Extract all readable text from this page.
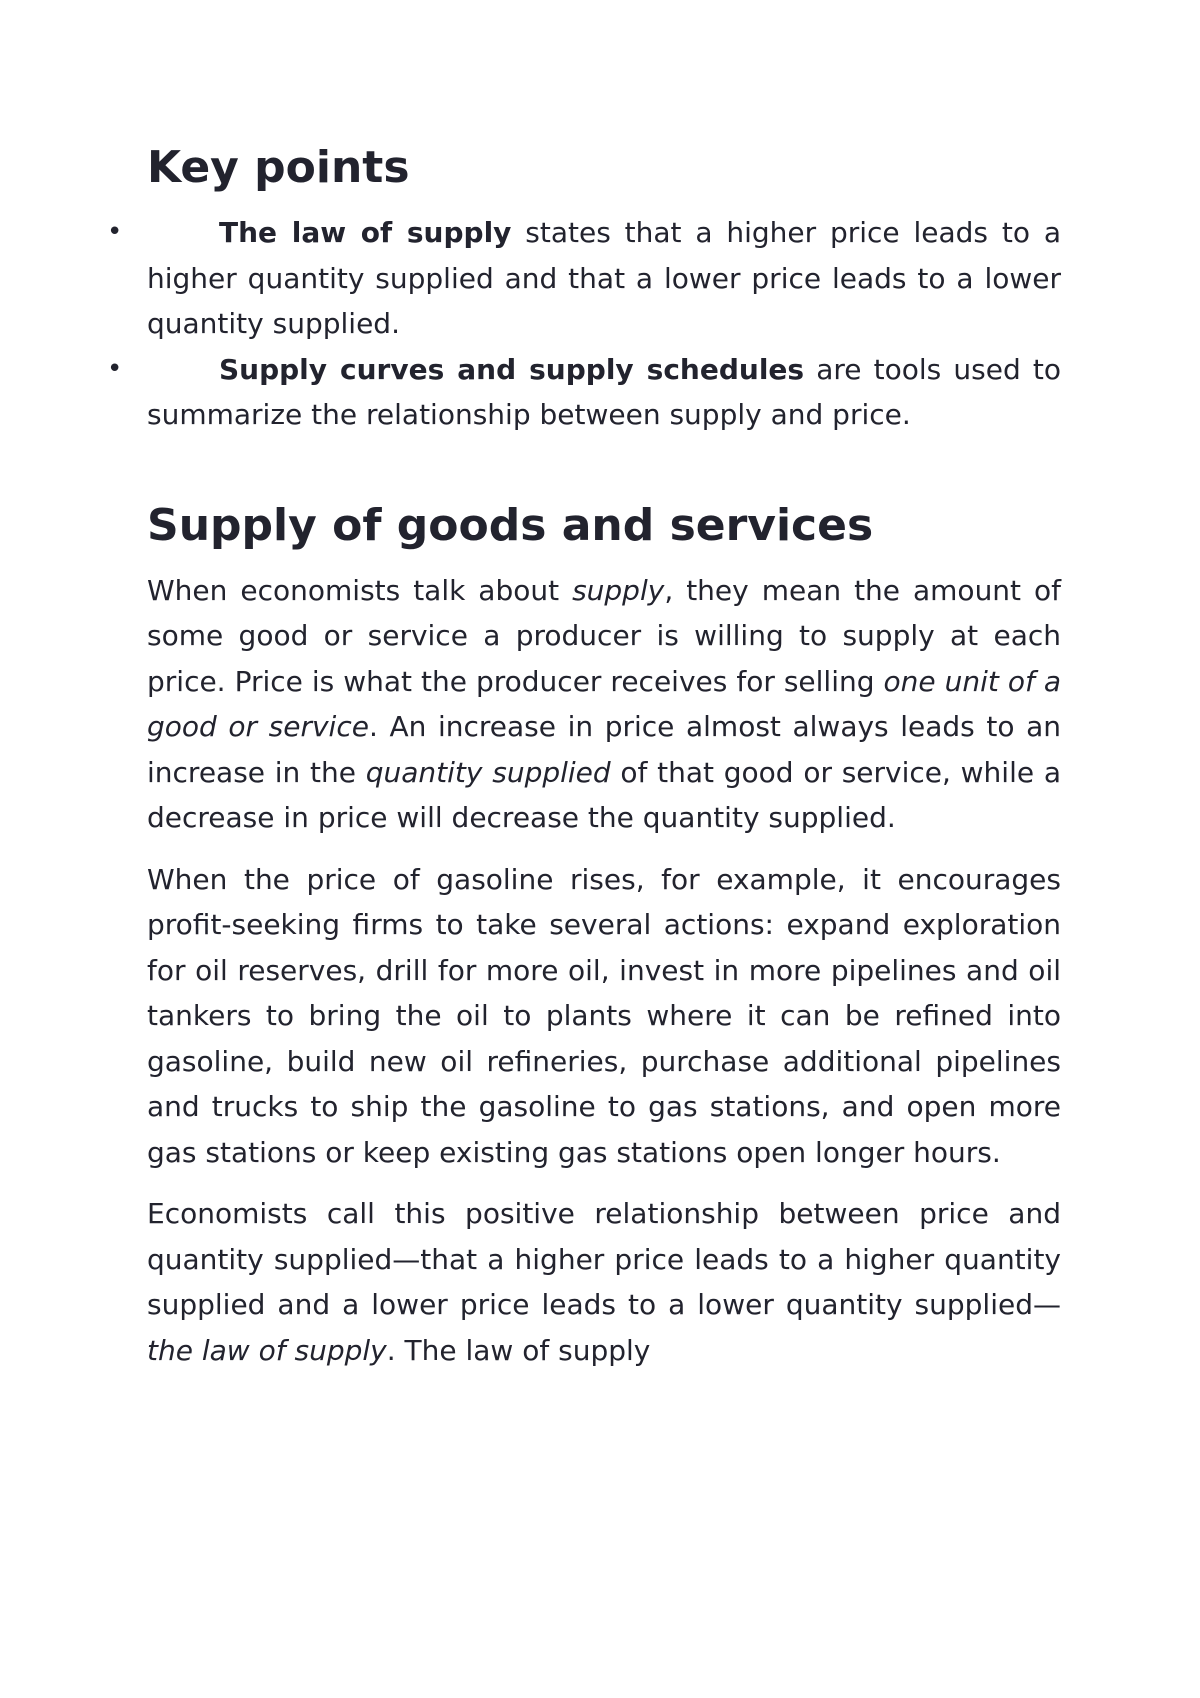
Key points
•	The law of supply states that a higher price leads to a higher quantity supplied and that a lower price leads to a lower quantity supplied.
•	Supply curves and supply schedules are tools used to summarize the relationship between supply and price.
Supply of goods and services

When economists talk about supply, they mean the amount of some good or service a producer is willing to supply at each price. Price is what the producer receives for selling one unit of a good or service. An increase in price almost always leads to an increase in the quantity supplied of that good or service, while a decrease in price will decrease the quantity supplied.

When the price of gasoline rises, for example, it encourages profit-seeking firms to take several actions: expand exploration for oil reserves, drill for more oil, invest in more pipelines and oil tankers to bring the oil to plants where it can be refined into gasoline, build new oil refineries, purchase additional pipelines and trucks to ship the gasoline to gas stations, and open more gas stations or keep existing gas stations open longer hours.

Economists call this positive relationship between price and quantity supplied—that a higher price leads to a higher quantity supplied and a lower price leads to a lower quantity supplied—the law of supply. The law of supply
